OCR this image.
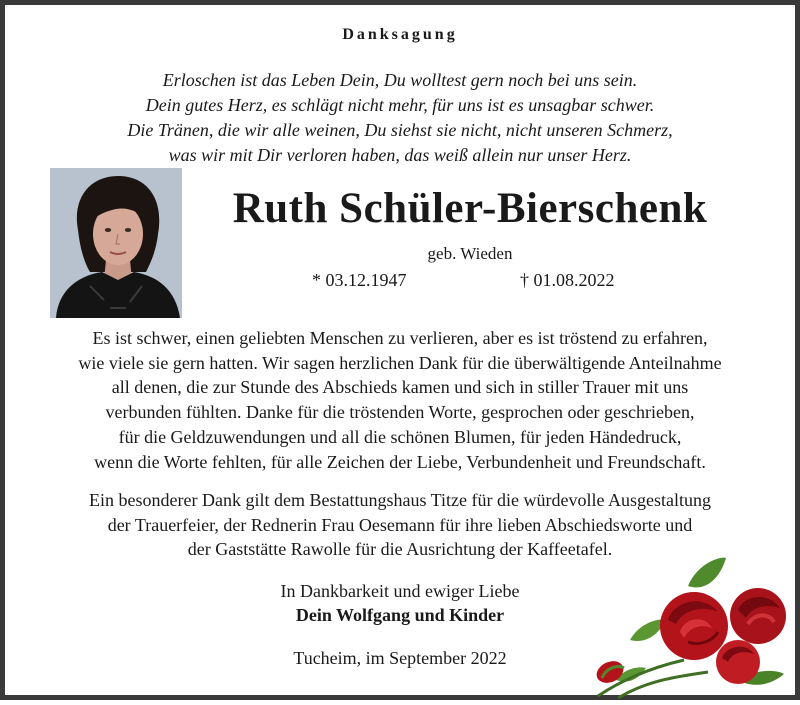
Danksagung
Erloschen ist das Leben Dein, Du wolltest gern noch bei uns sein.
Dein gutes Herz, es schlägt nicht mehr, für uns ist es unsagbar schwer.
Die Tränen, die wir alle weinen, Du siehst sie nicht, nicht unseren Schmerz,
was wir mit Dir verloren haben, das weiß allein nur unser Herz.
Ruth Schüler-Bierschenk
geb. Wieden
* 03.12.1947	† 01.08.2022
Es ist schwer, einen geliebten Menschen zu verlieren, aber es ist tröstend zu erfahren,
wie viele sie gern hatten. Wir sagen herzlichen Dank für die überwältigende Anteilnahme
all denen, die zur Stunde des Abschieds kamen und sich in stiller Trauer mit uns
verbunden fühlten. Danke für die tröstenden Worte, gesprochen oder geschrieben,
für die Geldzuwendungen und all die schönen Blumen, für jeden Händedruck,
wenn die Worte fehlten, für alle Zeichen der Liebe, Verbundenheit und Freundschaft.
Ein besonderer Dank gilt dem Bestattungshaus Titze für die würdevolle Ausgestaltung
der Trauerfeier, der Rednerin Frau Oesemann für ihre lieben Abschiedsworte und
der Gaststätte Rawolle für die Ausrichtung der Kaffeetafel.
In Dankbarkeit und ewiger Liebe
Dein Wolfgang und Kinder
Tucheim, im September 2022
